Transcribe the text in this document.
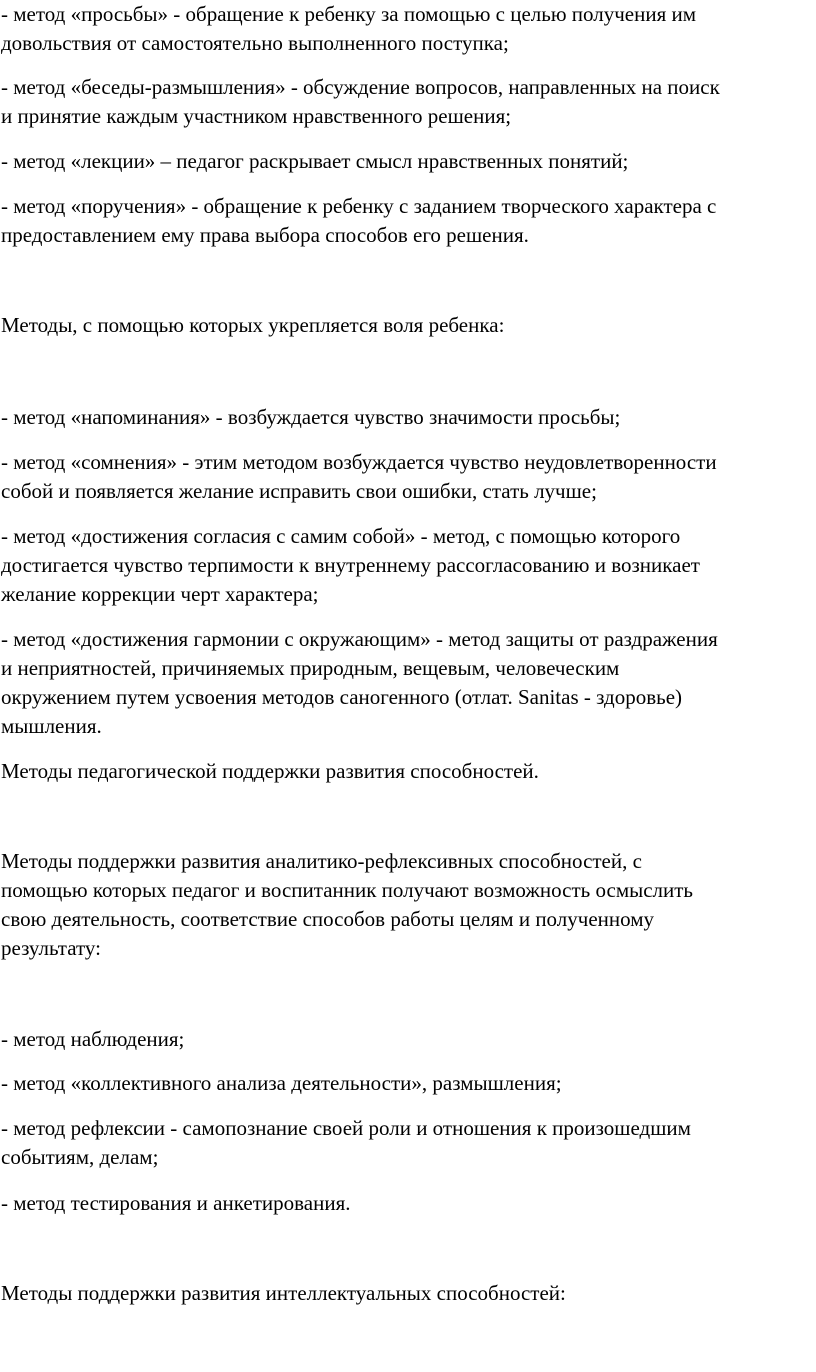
- метод «просьбы» - обращение к ребенку за помощью с целью получения им
довольствия от самостоятельно выполненного поступка;
- метод «беседы-размышления» - обсуждение вопросов, направленных на поиск
и принятие каждым участником нравственного решения;
- метод «лекции» – педагог раскрывает смысл нравственных понятий;
- метод «поручения» - обращение к ребенку с заданием творческого характера с
предоставлением ему права выбора способов его решения.
Методы, с помощью которых укрепляется воля ребенка:
- метод «напоминания» - возбуждается чувство значимости просьбы;
- метод «сомнения» - этим методом возбуждается чувство неудовлетворенности
собой и появляется желание исправить свои ошибки, стать лучше;
- метод «достижения согласия с самим собой» - метод, с помощью которого
достигается чувство терпимости к внутреннему рассогласованию и возникает
желание коррекции черт характера;
- метод «достижения гармонии с окружающим» - метод защиты от раздражения
и неприятностей, причиняемых природным, вещевым, человеческим
окружением путем усвоения методов саногенного (отлат. Sanitas - здоровье)
мышления.
Методы педагогической поддержки развития способностей.
Методы поддержки развития аналитико-рефлексивных способностей, с
помощью которых педагог и воспитанник получают возможность осмыслить
свою деятельность, соответствие способов работы целям и полученному
результату:
- метод наблюдения;
- метод «коллективного анализа деятельности», размышления;
- метод рефлексии - самопознание своей роли и отношения к произошедшим
событиям, делам;
- метод тестирования и анкетирования.
Методы поддержки развития интеллектуальных способностей:
